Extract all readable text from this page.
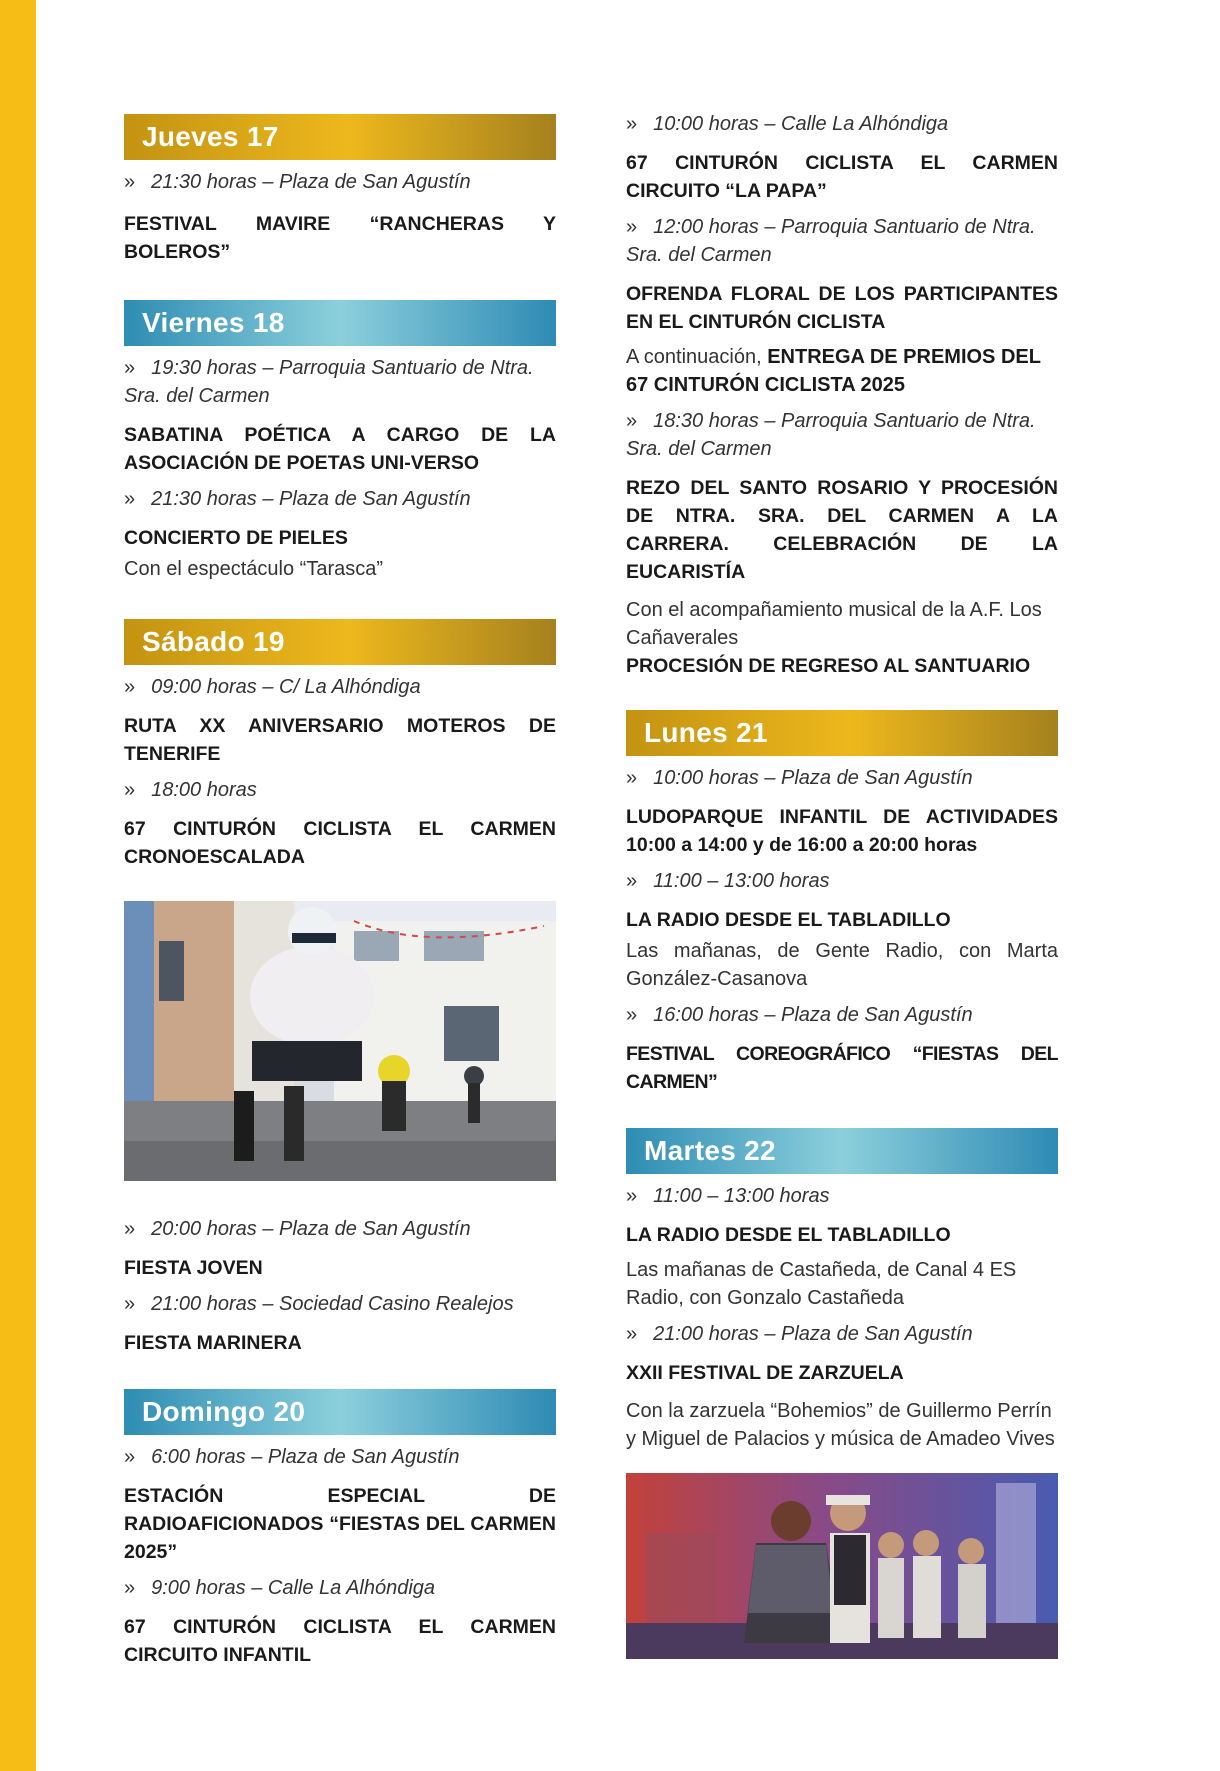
Jueves 17
» 21:30 horas – Plaza de San Agustín
FESTIVAL MAVIRE “RANCHERAS Y BOLEROS”
Viernes 18
» 19:30 horas – Parroquia Santuario de Ntra. Sra. del Carmen
SABATINA POÉTICA A CARGO DE LA ASOCIACIÓN DE POETAS UNI-VERSO
» 21:30 horas – Plaza de San Agustín
CONCIERTO DE PIELES
Con el espectáculo “Tarasca”
Sábado 19
» 09:00 horas – C/ La Alhóndiga
RUTA XX ANIVERSARIO MOTEROS DE TENERIFE
» 18:00 horas
67 CINTURÓN CICLISTA EL CARMEN CRONOESCALADA
» 20:00 horas – Plaza de San Agustín
FIESTA JOVEN
» 21:00 horas – Sociedad Casino Realejos
FIESTA MARINERA
Domingo 20
» 6:00 horas – Plaza de San Agustín
ESTACIÓN ESPECIAL DE RADIOAFICIONADOS “FIESTAS DEL CARMEN 2025”
» 9:00 horas – Calle La Alhóndiga
67 CINTURÓN CICLISTA EL CARMEN CIRCUITO INFANTIL
» 10:00 horas – Calle La Alhóndiga
67 CINTURÓN CICLISTA EL CARMEN CIRCUITO “LA PAPA”
» 12:00 horas – Parroquia Santuario de Ntra. Sra. del Carmen
OFRENDA FLORAL DE LOS PARTICIPANTES EN EL CINTURÓN CICLISTA
A continuación, ENTREGA DE PREMIOS DEL 67 CINTURÓN CICLISTA 2025
» 18:30 horas – Parroquia Santuario de Ntra. Sra. del Carmen
REZO DEL SANTO ROSARIO Y PROCESIÓN DE NTRA. SRA. DEL CARMEN A LA CARRERA. CELEBRACIÓN DE LA EUCARISTÍA
Con el acompañamiento musical de la A.F. Los Cañaverales
PROCESIÓN DE REGRESO AL SANTUARIO
Lunes 21
» 10:00 horas – Plaza de San Agustín
LUDOPARQUE INFANTIL DE ACTIVIDADES 10:00 a 14:00 y de 16:00 a 20:00 horas
» 11:00 – 13:00 horas
LA RADIO DESDE EL TABLADILLO
Las mañanas, de Gente Radio, con Marta González-Casanova
» 16:00 horas – Plaza de San Agustín
FESTIVAL COREOGRÁFICO “FIESTAS DEL CARMEN”
Martes 22
» 11:00 – 13:00 horas
LA RADIO DESDE EL TABLADILLO
Las mañanas de Castañeda, de Canal 4 ES Radio, con Gonzalo Castañeda
» 21:00 horas – Plaza de San Agustín
XXII FESTIVAL DE ZARZUELA
Con la zarzuela “Bohemios” de Guillermo Perrín y Miguel de Palacios y música de Amadeo Vives
